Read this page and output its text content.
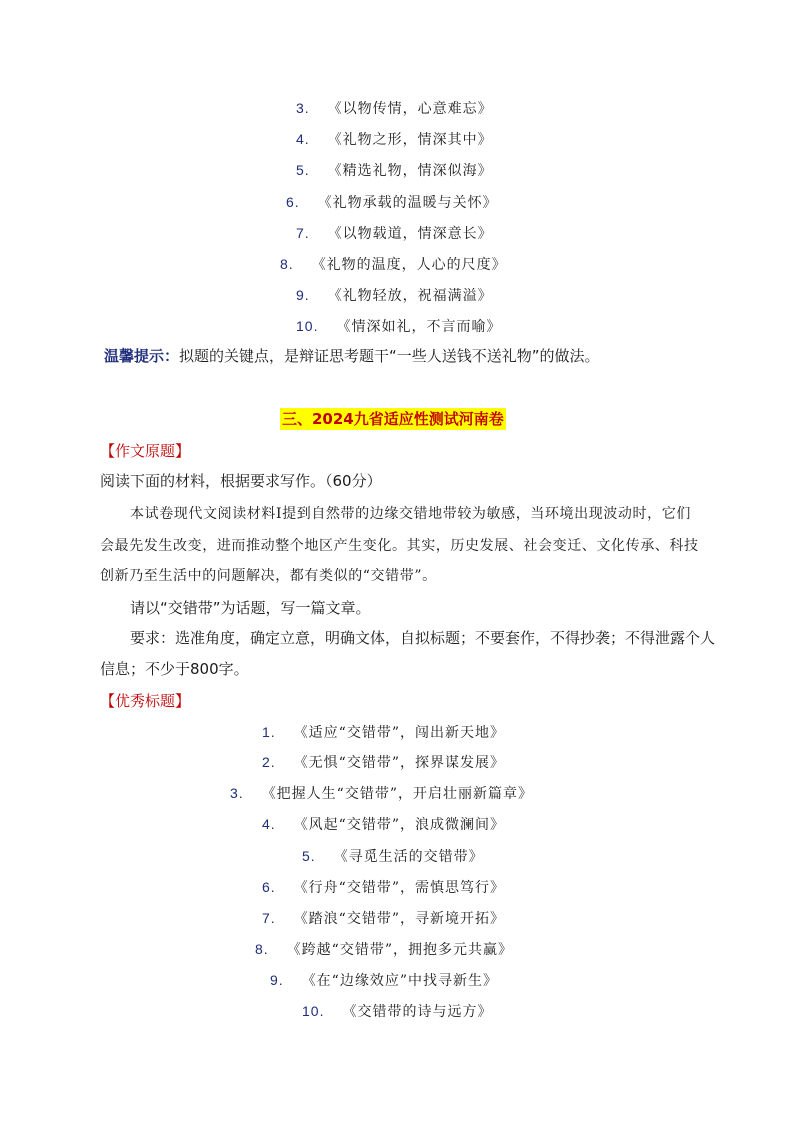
3. 《以物传情，心意难忘》
4. 《礼物之形，情深其中》
5. 《精选礼物，情深似海》
6. 《礼物承载的温暖与关怀》
7. 《以物载道，情深意长》
8. 《礼物的温度，人心的尺度》
9. 《礼物轻放，祝福满溢》
10. 《情深如礼，不言而喻》
温馨提示：拟题的关键点，是辩证思考题干“一些人送钱不送礼物”的做法。
三、2024九省适应性测试河南卷
【作文原题】
阅读下面的材料，根据要求写作。（60分）
本试卷现代文阅读材料Ⅰ提到自然带的边缘交错地带较为敏感，当环境出现波动时，它们
会最先发生改变，进而推动整个地区产生变化。其实，历史发展、社会变迁、文化传承、科技
创新乃至生活中的问题解决，都有类似的“交错带”。
请以“交错带”为话题，写一篇文章。
要求：选准角度，确定立意，明确文体，自拟标题；不要套作，不得抄袭；不得泄露个人
信息；不少于800字。
【优秀标题】
1. 《适应“交错带”，闯出新天地》
2. 《无惧“交错带”，探界谋发展》
3. 《把握人生“交错带”，开启壮丽新篇章》
4. 《风起“交错带”，浪成微澜间》
5. 《寻觅生活的交错带》
6. 《行舟“交错带”，需慎思笃行》
7. 《踏浪“交错带”，寻新境开拓》
8. 《跨越“交错带”，拥抱多元共赢》
9. 《在“边缘效应”中找寻新生》
10. 《交错带的诗与远方》
